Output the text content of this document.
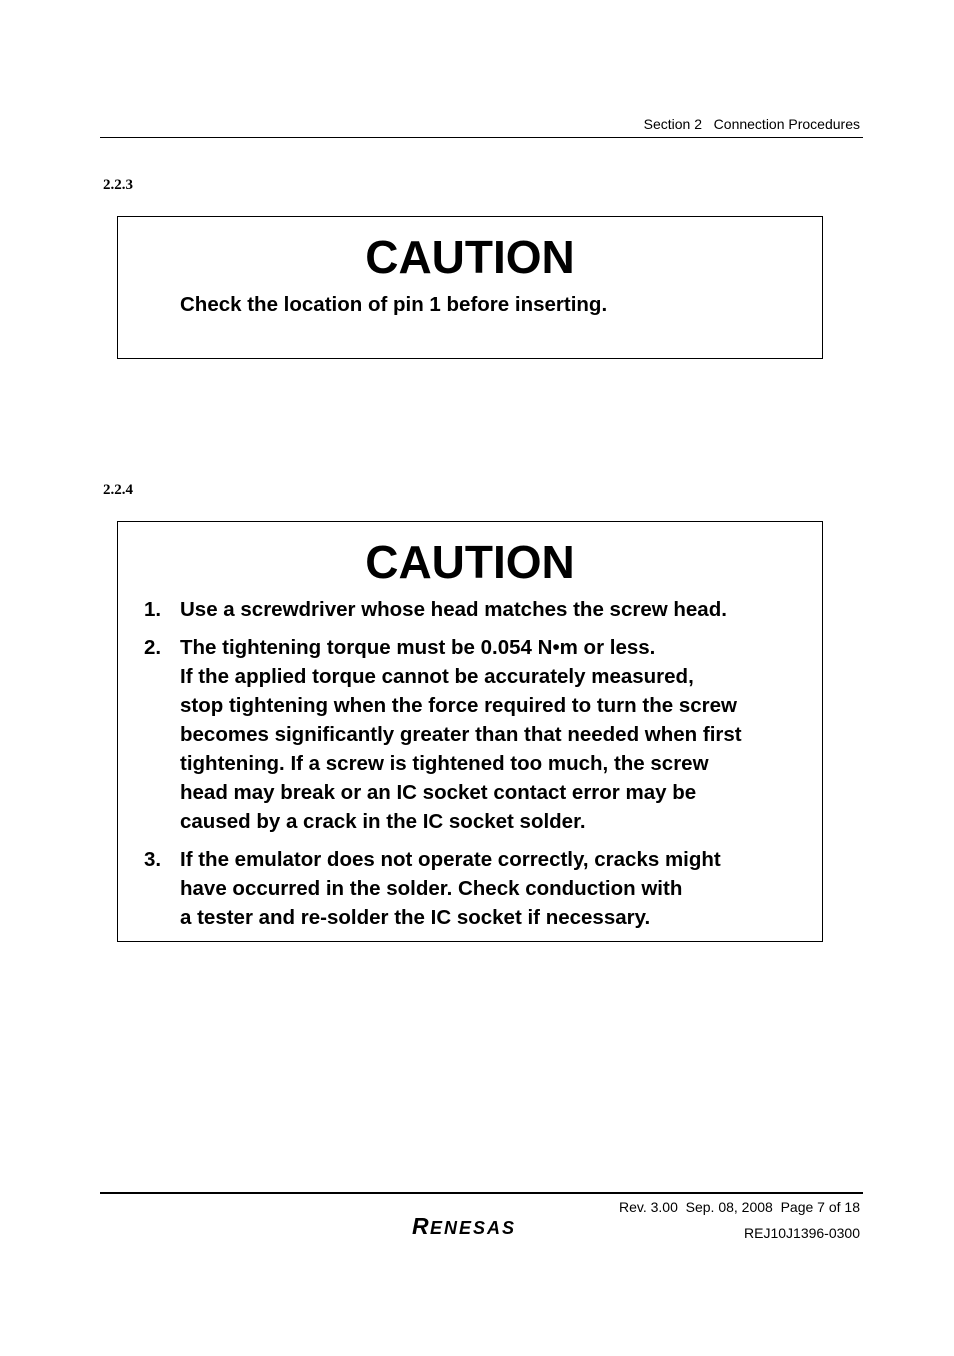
Section 2   Connection Procedures
2.2.3
CAUTION
Check the location of pin 1 before inserting.
2.2.4
CAUTION
1. Use a screwdriver whose head matches the screw head.
2. The tightening torque must be 0.054 N•m or less.
If the applied torque cannot be accurately measured,
stop tightening when the force required to turn the screw
becomes significantly greater than that needed when first
tightening. If a screw is tightened too much, the screw
head may break or an IC socket contact error may be
caused by a crack in the IC socket solder.
3. If the emulator does not operate correctly, cracks might
have occurred in the solder. Check conduction with
a tester and re-solder the IC socket if necessary.
Rev. 3.00  Sep. 08, 2008  Page 7 of 18
REJ10J1396-0300
R ENESAS
